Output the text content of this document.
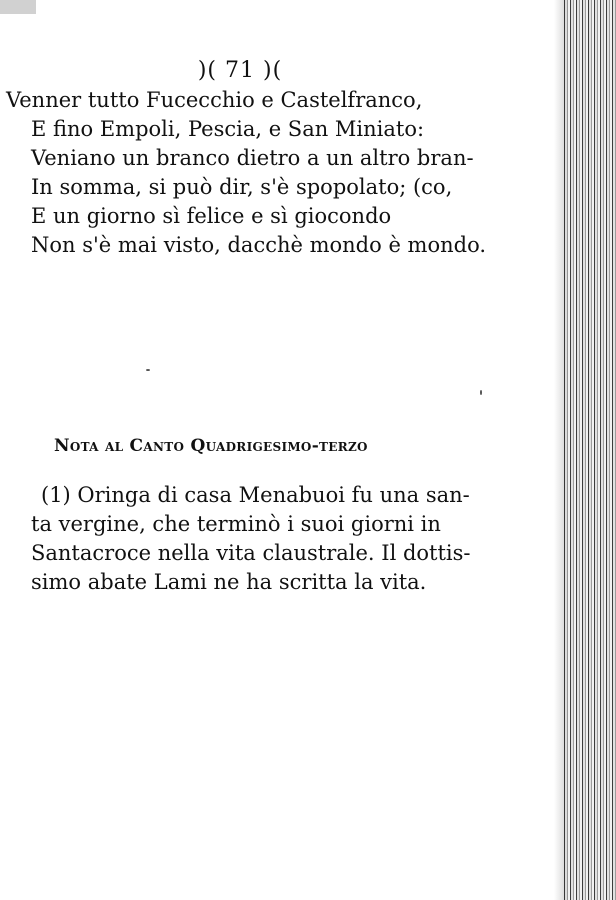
)( 71 )(
Venner tutto Fucecchio e Castelfranco,
E fino Empoli, Pescia, e San Miniato:
Veniano un branco dietro a un altro bran-
In somma, si può dir, s'è spopolato; (co,
E un giorno sì felice e sì giocondo
Non s'è mai visto, dacchè mondo è mondo.
Nota al Canto Quadrigesimo-terzo

(1) Oringa di casa Menabuoi fu una san-

ta vergine, che terminò i suoi giorni in

Santacroce nella vita claustrale. Il dottis-

simo abate Lami ne ha scritta la vita.
